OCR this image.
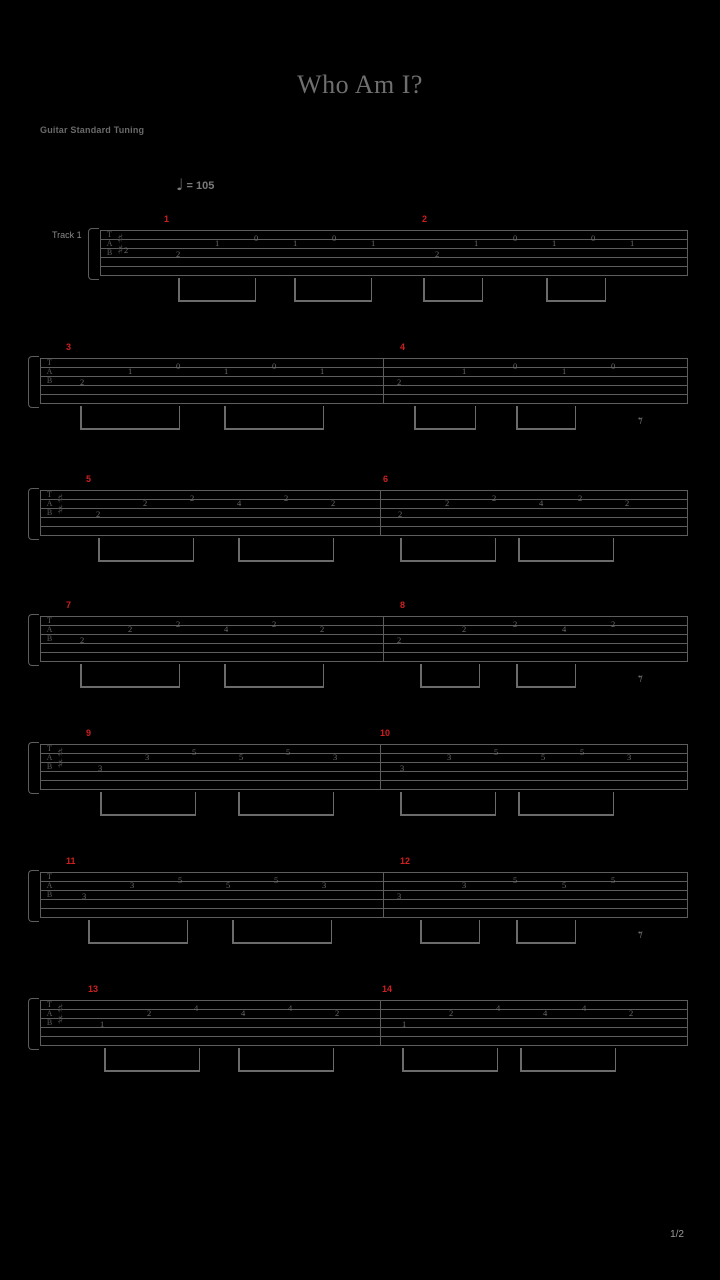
Who Am I?
Guitar Standard Tuning
♩ = 105
Track 1	T
A
B
♯
♯
1	2
2	2
1	0	1	0	1
2
1	0	1	0	1
T
A
B
3	4
2
1	0	1	0	1
2
1	0	1	0
𝄾
T
A
B
♯
♯
5	6
2
2	2	4	2	2
2
2	2	4	2	2
T
A
B
7	8
2
2	2	4	2	2
2
2	2	4	2
𝄾
T
A
B
♯
♯
9	10
3
3	5	5	5	3
3
3	5	5	5	3
T
A
B
11	12
3
3	5	5	5	3
3
3	5	5	5
𝄾
T
A
B
♯
♯
13	14
1
2	4	4	4	2
1
2	4	4	4	2
1/2
